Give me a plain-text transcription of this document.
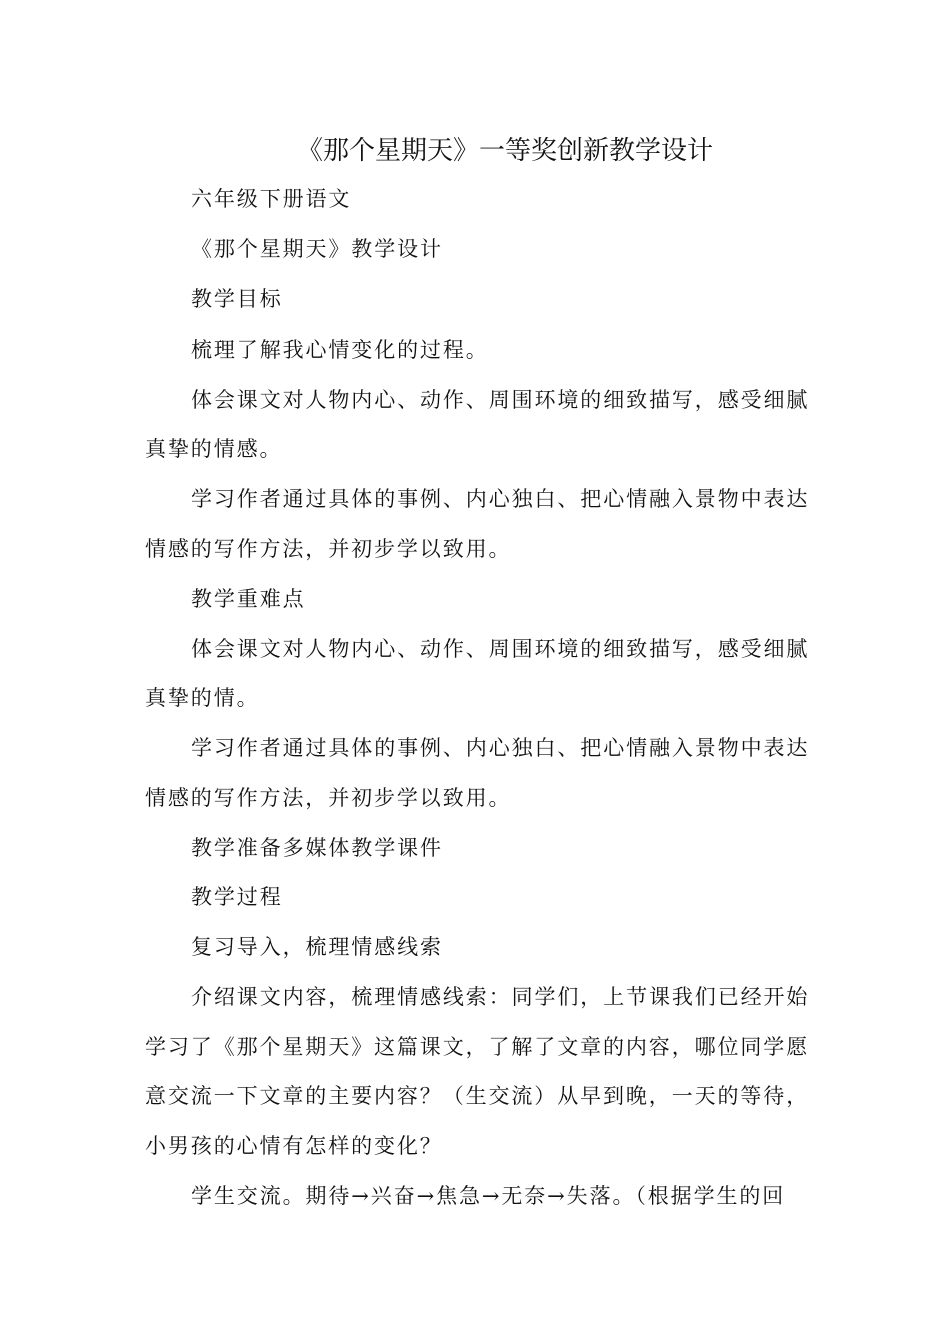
《那个星期天》一等奖创新教学设计
六年级下册语文
《那个星期天》教学设计
教学目标
梳理了解我心情变化的过程。
体会课文对人物内心、动作、周围环境的细致描写，感受细腻
真挚的情感。
学习作者通过具体的事例、内心独白、把心情融入景物中表达
情感的写作方法，并初步学以致用。
教学重难点
体会课文对人物内心、动作、周围环境的细致描写，感受细腻
真挚的情。
学习作者通过具体的事例、内心独白、把心情融入景物中表达
情感的写作方法，并初步学以致用。
教学准备多媒体教学课件
教学过程
复习导入，梳理情感线索
介绍课文内容，梳理情感线索：同学们，上节课我们已经开始
学习了《那个星期天》这篇课文，了解了文章的内容，哪位同学愿
意交流一下文章的主要内容？（生交流）从早到晚，一天的等待，
小男孩的心情有怎样的变化？
学生交流。期待→兴奋→焦急→无奈→失落。（根据学生的回
